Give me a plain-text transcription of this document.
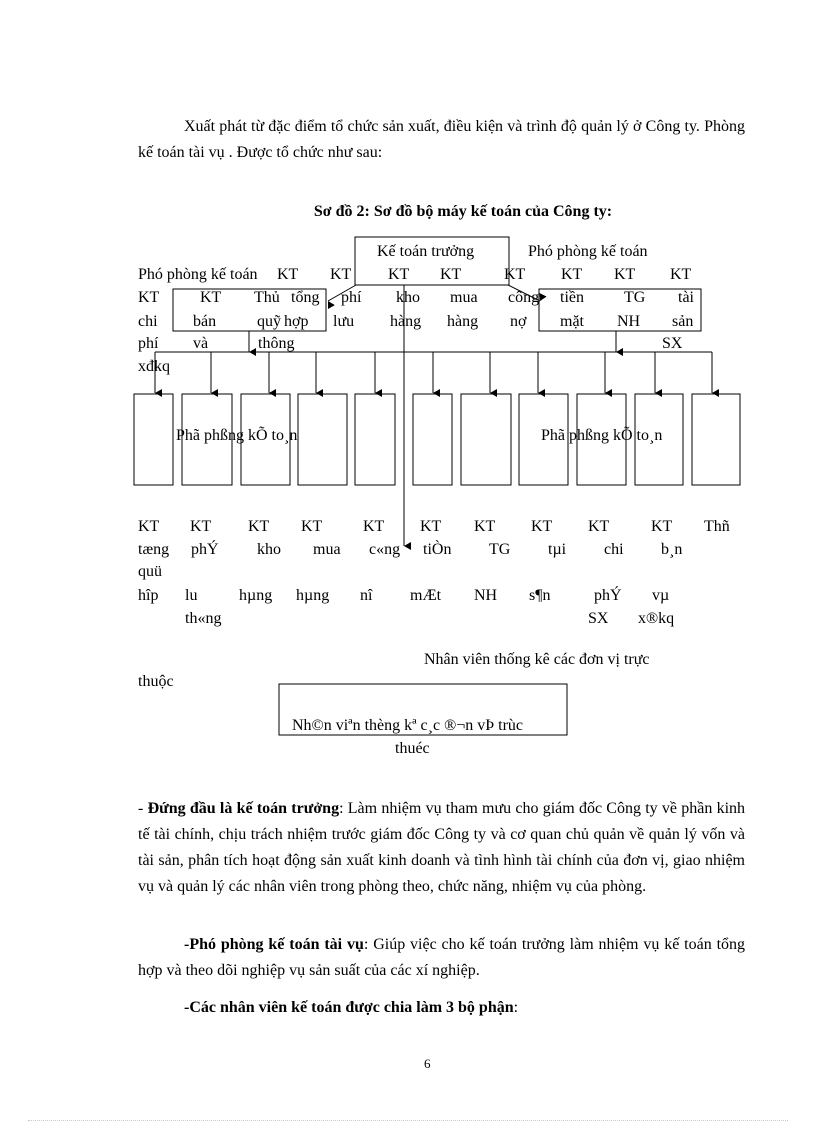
Xuất phát từ đặc điểm tổ chức sản xuất, điều kiện và trình độ quản lý ở Công ty. Phòng kế toán tài vụ . Được tổ chức như sau:
Sơ đồ 2: Sơ đồ bộ máy kế toán của Công ty:
Kế toán trưởng	Phó phòng kế toán
Phó phòng kế toán KT KT KT KT	KT KT KT KT
KT	KT Thủ tổng phí kho mua công tiền	TG tài
chi bán	quỹ hợp lưu hàng hàng nợ mặt NH sản
phí và	thông	SX
xđkq
Phã phßng kÕ to¸n	Phã phßng kÕ to¸n
KT KT KT KT	KT KT KT KT KT	KT Thñ
tæng phÝ kho mua c«ng tiÒn TG tµi chi b¸n
quü
hîp lu	hµng hµng nî mÆt NH s¶n	phÝ vµ
th«ng	SX x®kq
Nhân viên thống kê các đơn vị trực
thuộc
Nh©n viªn thèng kª c¸c ®¬n vÞ trùc
thuéc
- Đứng đầu là kế toán trưởng: Làm nhiệm vụ tham mưu cho giám đốc Công ty về phần kinh tế tài chính, chịu trách nhiệm trước giám đốc Công ty và cơ quan chủ quản về quản lý vốn và tài sản, phân tích hoạt động sản xuất kinh doanh và tình hình tài chính của đơn vị, giao nhiệm vụ và quản lý các nhân viên trong phòng theo, chức năng, nhiệm vụ của phòng.
-Phó phòng kế toán tài vụ: Giúp việc cho kế toán trưởng làm nhiệm vụ kế toán tổng hợp và theo dõi nghiệp vụ sản suất của các xí nghiệp.
-Các nhân viên kế toán được chia làm 3 bộ phận:
6
